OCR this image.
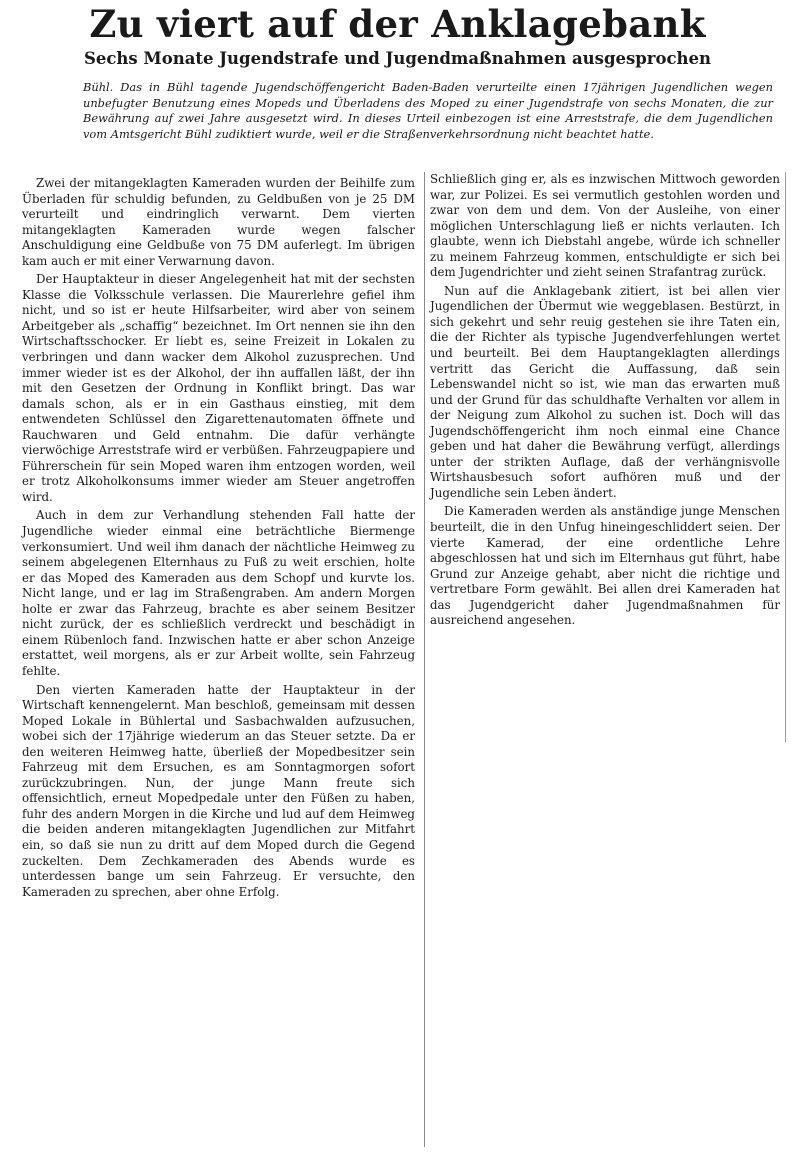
Zu viert auf der Anklagebank
Sechs Monate Jugendstrafe und Jugendmaßnahmen ausgesprochen

Bühl. Das in Bühl tagende Jugendschöffengericht Baden-Baden verurteilte einen 17jährigen Jugendlichen wegen unbefugter Benutzung eines Mopeds und Überladens des Moped zu einer Jugendstrafe von sechs Monaten, die zur Bewährung auf zwei Jahre ausgesetzt wird. In dieses Urteil einbezogen ist eine Arreststrafe, die dem Jugendlichen vom Amtsgericht Bühl zudiktiert wurde, weil er die Straßenverkehrsordnung nicht beachtet hatte.

Zwei der mitangeklagten Kameraden wurden der Beihilfe zum Überladen für schuldig befunden, zu Geldbußen von je 25 DM verurteilt und eindringlich verwarnt. Dem vierten mitangeklagten Kameraden wurde wegen falscher Anschuldigung eine Geldbuße von 75 DM auferlegt. Im übrigen kam auch er mit einer Verwarnung davon.

Der Hauptakteur in dieser Angelegenheit hat mit der sechsten Klasse die Volksschule verlassen. Die Maurerlehre gefiel ihm nicht, und so ist er heute Hilfsarbeiter, wird aber von seinem Arbeitgeber als „schaffig“ bezeichnet. Im Ort nennen sie ihn den Wirtschaftsschocker. Er liebt es, seine Freizeit in Lokalen zu verbringen und dann wacker dem Alkohol zuzusprechen. Und immer wieder ist es der Alkohol, der ihn auffallen läßt, der ihn mit den Gesetzen der Ordnung in Konflikt bringt. Das war damals schon, als er in ein Gasthaus einstieg, mit dem entwendeten Schlüssel den Zigarettenautomaten öffnete und Rauchwaren und Geld entnahm. Die dafür verhängte vierwöchige Arreststrafe wird er verbüßen. Fahrzeugpapiere und Führerschein für sein Moped waren ihm entzogen worden, weil er trotz Alkoholkonsums immer wieder am Steuer angetroffen wird.

Auch in dem zur Verhandlung stehenden Fall hatte der Jugendliche wieder einmal eine beträchtliche Biermenge verkonsumiert. Und weil ihm danach der nächtliche Heimweg zu seinem abgelegenen Elternhaus zu Fuß zu weit erschien, holte er das Moped des Kameraden aus dem Schopf und kurvte los. Nicht lange, und er lag im Straßengraben. Am andern Morgen holte er zwar das Fahrzeug, brachte es aber seinem Besitzer nicht zurück, der es schließlich verdreckt und beschädigt in einem Rübenloch fand. Inzwischen hatte er aber schon Anzeige erstattet, weil morgens, als er zur Arbeit wollte, sein Fahrzeug fehlte.

Den vierten Kameraden hatte der Hauptakteur in der Wirtschaft kennengelernt. Man beschloß, gemeinsam mit dessen Moped Lokale in Bühlertal und Sasbachwalden aufzusuchen, wobei sich der 17jährige wiederum an das Steuer setzte. Da er den weiteren Heimweg hatte, überließ der Mopedbesitzer sein Fahrzeug mit dem Ersuchen, es am Sonntagmorgen sofort zurückzubringen. Nun, der junge Mann freute sich offensichtlich, erneut Mopedpedale unter den Füßen zu haben, fuhr des andern Morgen in die Kirche und lud auf dem Heimweg die beiden anderen mitangeklagten Jugendlichen zur Mitfahrt ein, so daß sie nun zu dritt auf dem Moped durch die Gegend zuckelten. Dem Zechkameraden des Abends wurde es unterdessen bange um sein Fahrzeug. Er versuchte, den Kameraden zu sprechen, aber ohne Erfolg.

Schließlich ging er, als es inzwischen Mittwoch geworden war, zur Polizei. Es sei vermutlich gestohlen worden und zwar von dem und dem. Von der Ausleihe, von einer möglichen Unterschlagung ließ er nichts verlauten. Ich glaubte, wenn ich Diebstahl angebe, würde ich schneller zu meinem Fahrzeug kommen, entschuldigte er sich bei dem Jugendrichter und zieht seinen Strafantrag zurück.

Nun auf die Anklagebank zitiert, ist bei allen vier Jugendlichen der Übermut wie weggeblasen. Bestürzt, in sich gekehrt und sehr reuig gestehen sie ihre Taten ein, die der Richter als typische Jugendverfehlungen wertet und beurteilt. Bei dem Hauptangeklagten allerdings vertritt das Gericht die Auffassung, daß sein Lebenswandel nicht so ist, wie man das erwarten muß und der Grund für das schuldhafte Verhalten vor allem in der Neigung zum Alkohol zu suchen ist. Doch will das Jugendschöffengericht ihm noch einmal eine Chance geben und hat daher die Bewährung verfügt, allerdings unter der strikten Auflage, daß der verhängnisvolle Wirtshausbesuch sofort aufhören muß und der Jugendliche sein Leben ändert.

Die Kameraden werden als anständige junge Menschen beurteilt, die in den Unfug hineingeschliddert seien. Der vierte Kamerad, der eine ordentliche Lehre abgeschlossen hat und sich im Elternhaus gut führt, habe Grund zur Anzeige gehabt, aber nicht die richtige und vertretbare Form gewählt. Bei allen drei Kameraden hat das Jugendgericht daher Jugendmaßnahmen für ausreichend angesehen.
